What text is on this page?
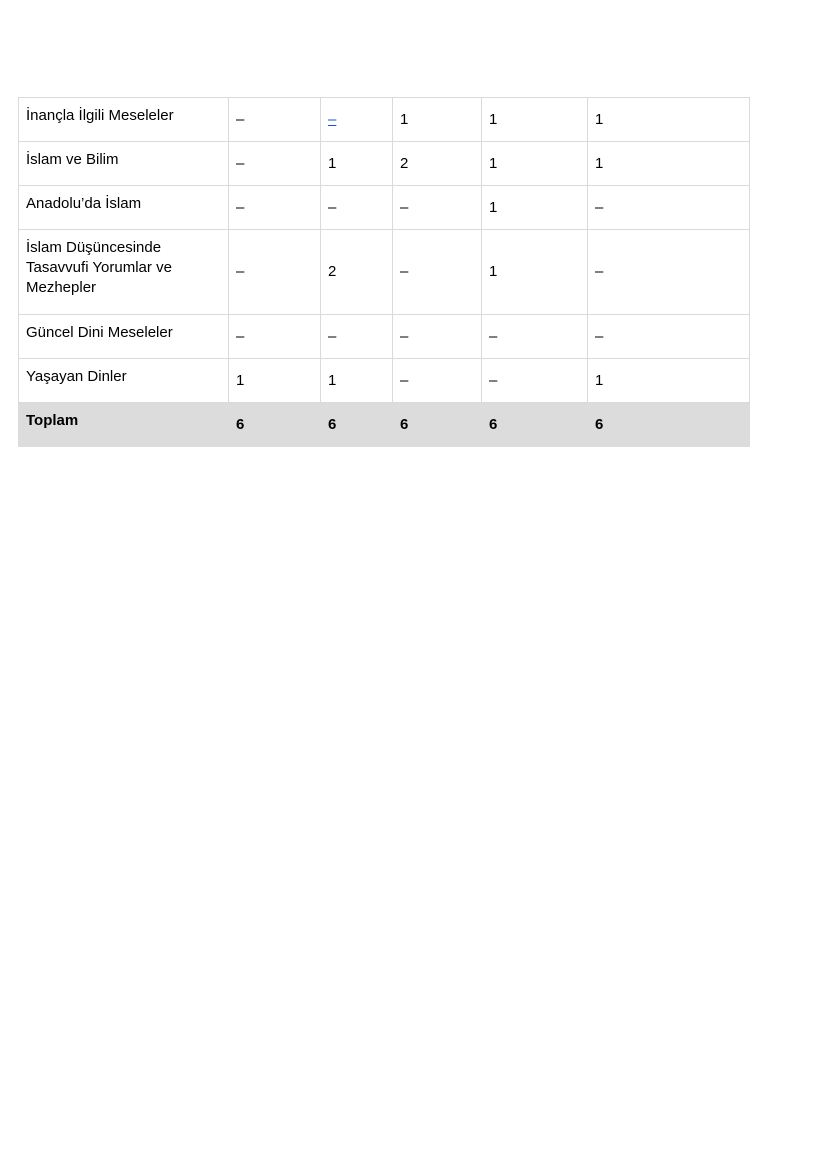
İnançla İlgili Meseleler	–	–	1	1	1
İslam ve Bilim	–	1	2	1	1
Anadolu’da İslam	–	–	–	1	–
İslam Düşüncesinde Tasavvufi Yorumlar ve Mezhepler	–	2	–	1	–
Güncel Dini Meseleler	–	–	–	–	–
Yaşayan Dinler	1	1	–	–	1
Toplam	6	6	6	6	6
